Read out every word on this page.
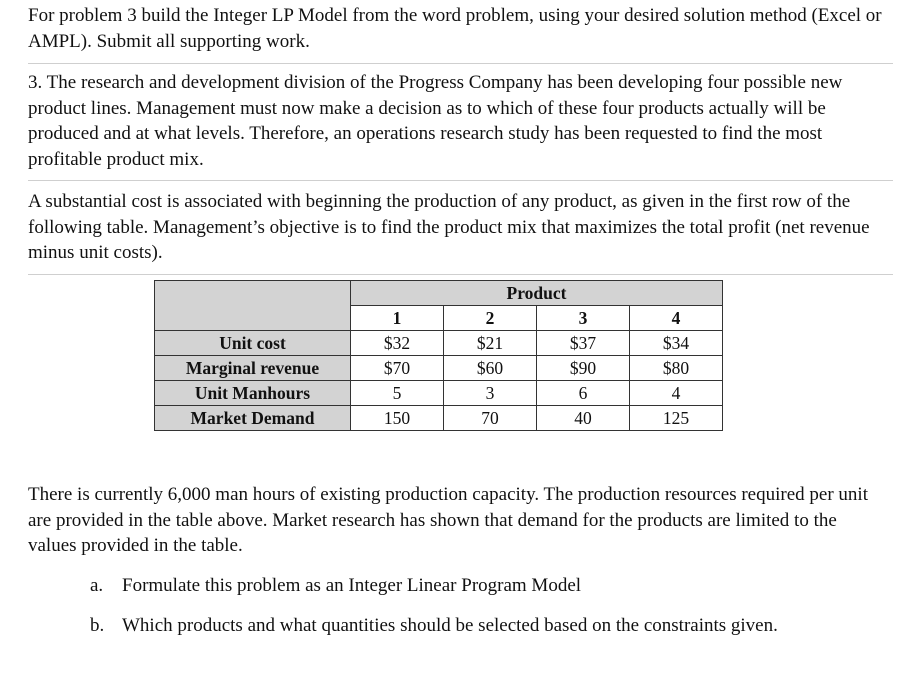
For problem 3 build the Integer LP Model from the word problem, using your desired solution method (Excel or AMPL). Submit all supporting work.

3. The research and development division of the Progress Company has been developing four possible new product lines. Management must now make a decision as to which of these four products actually will be produced and at what levels. Therefore, an operations research study has been requested to find the most profitable product mix.

A substantial cost is associated with beginning the production of any product, as given in the first row of the following table. Management’s objective is to find the product mix that maximizes the total profit (net revenue minus unit costs).

	Product			
	1	2	3	4
Unit cost	$32	$21	$37	$34
Marginal revenue	$70	$60	$90	$80
Unit Manhours	5	3	6	4
Market Demand	150	70	40	125

There is currently 6,000 man hours of existing production capacity. The production resources required per unit are provided in the table above. Market research has shown that demand for the products are limited to the values provided in the table.

a. Formulate this problem as an Integer Linear Program Model
b. Which products and what quantities should be selected based on the constraints given.
